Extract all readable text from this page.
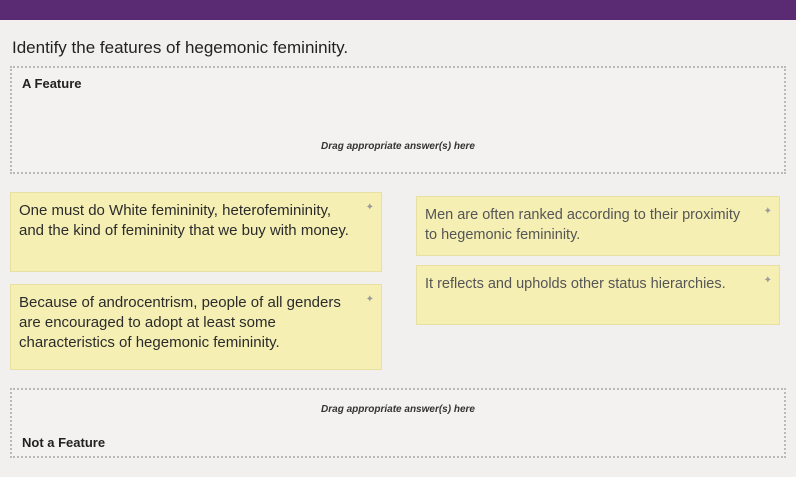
Identify the features of hegemonic femininity.
A Feature
Drag appropriate answer(s) here
One must do White femininity, heterofemininity, and the kind of femininity that we buy with money.
✦
Because of androcentrism, people of all genders are encouraged to adopt at least some characteristics of hegemonic femininity.
✦
Men are often ranked according to their proximity to hegemonic femininity.
✦
It reflects and upholds other status hierarchies.	✦
Drag appropriate answer(s) here
Not a Feature
